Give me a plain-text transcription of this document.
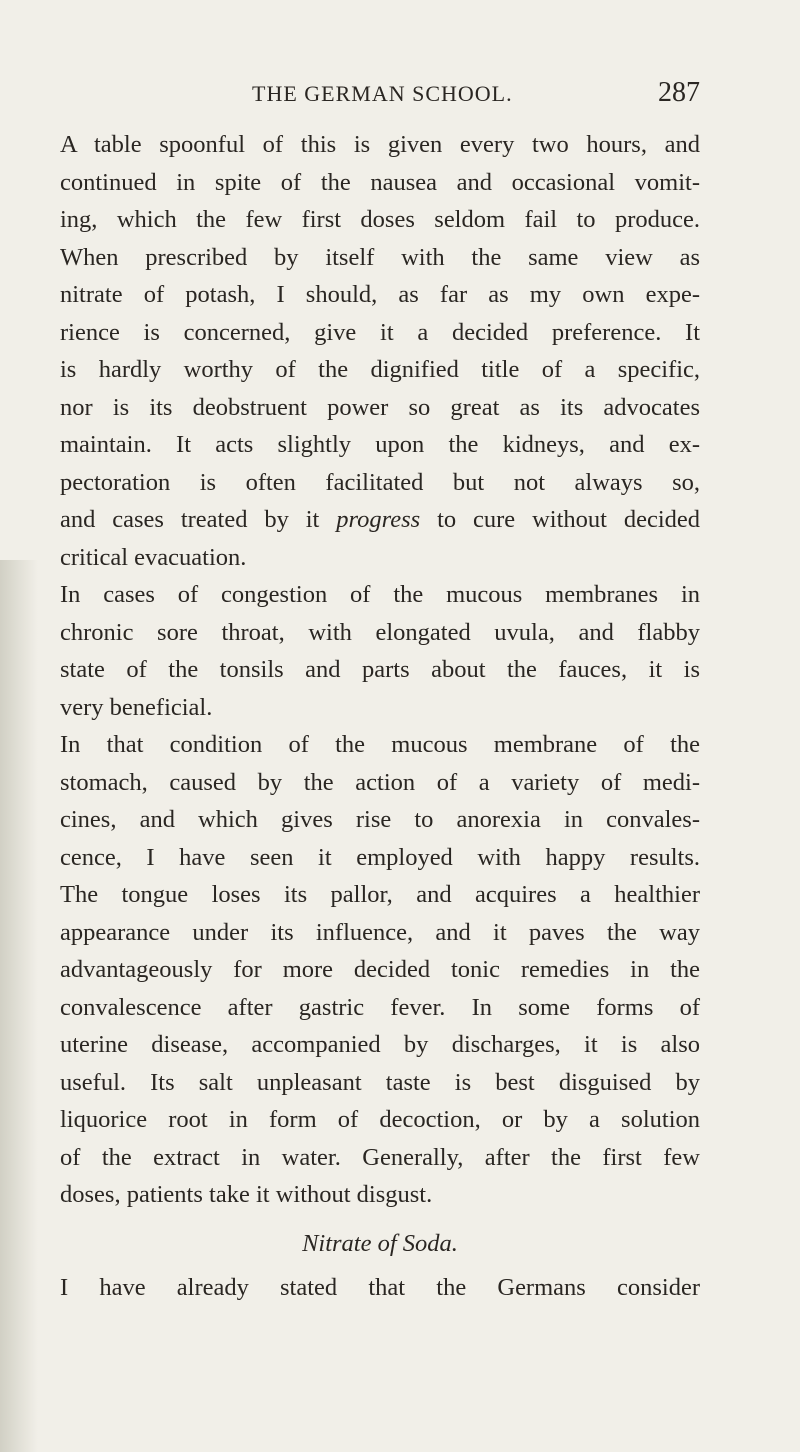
THE GERMAN SCHOOL.	287
A table spoonful of this is given every two hours, and
continued in spite of the nausea and occasional vomit-
ing, which the few first doses seldom fail to produce.
When prescribed by itself with the same view as
nitrate of potash, I should, as far as my own expe-
rience is concerned, give it a decided preference. It
is hardly worthy of the dignified title of a specific,
nor is its deobstruent power so great as its advocates
maintain. It acts slightly upon the kidneys, and ex-
pectoration is often facilitated but not always so,
and cases treated by it progress to cure without decided
critical evacuation.
In cases of congestion of the mucous membranes in
chronic sore throat, with elongated uvula, and flabby
state of the tonsils and parts about the fauces, it is
very beneficial.
In that condition of the mucous membrane of the
stomach, caused by the action of a variety of medi-
cines, and which gives rise to anorexia in convales-
cence, I have seen it employed with happy results.
The tongue loses its pallor, and acquires a healthier
appearance under its influence, and it paves the way
advantageously for more decided tonic remedies in the
convalescence after gastric fever. In some forms of
uterine disease, accompanied by discharges, it is also
useful. Its salt unpleasant taste is best disguised by
liquorice root in form of decoction, or by a solution
of the extract in water. Generally, after the first few
doses, patients take it without disgust.
Nitrate of Soda.
I have already stated that the Germans consider
